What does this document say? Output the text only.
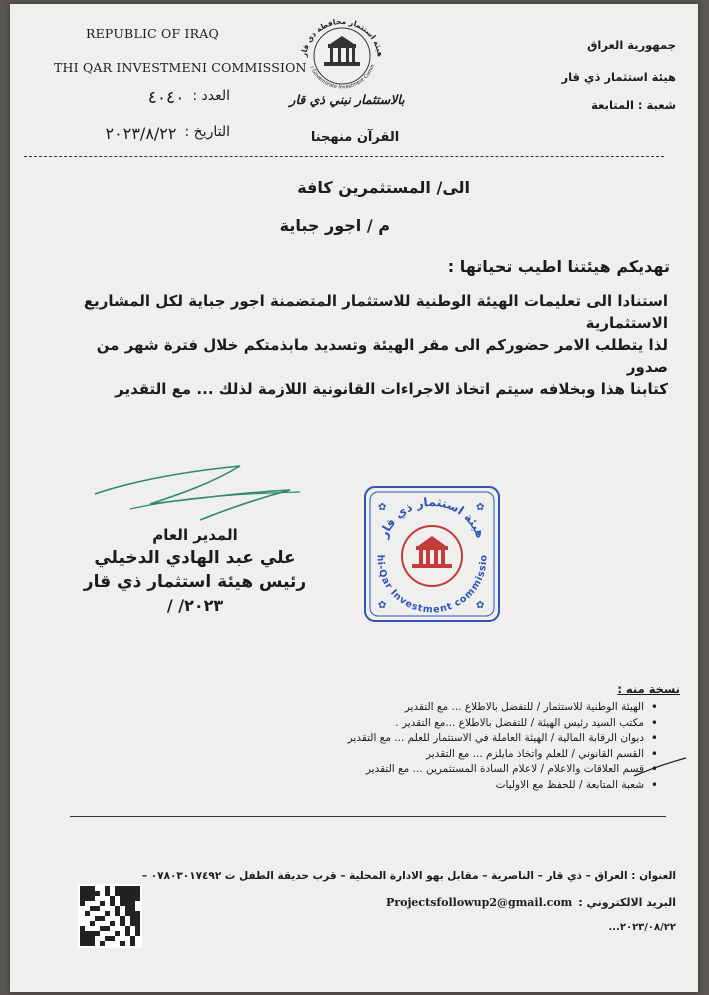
REPUBLIC OF IRAQ
THI QAR INVESTMENI COMMISSION
العدد :
٤٠٤٠
التاريخ :
٢٠٢٣/٨/٢٢
هيئة استثمار محافظة ذي قار
r Governorate Investment Comm
بالاستثمار نبني ذي قار
القرآن منهجنا
جمهورية العراق
هيئة استثمار ذي قار
شعبة : المتابعة
الى/ المستثمرين كافة
م / اجور جباية
تهديكم هيئتنا اطيب تحياتها :
استنادا الى تعليمات الهيئة الوطنية للاستثمار المتضمنة اجور جباية لكل المشاريع الاستثمارية
لذا يتطلب الامر حضوركم الى مقر الهيئة وتسديد مابذمتكم خلال فترة شهر من صدور
كتابنا هذا وبخلافه سيتم اتخاذ الاجراءات القانونية اللازمة لذلك ... مع التقدير
المدير العام
علي عبد الهادي الدخيلي
رئيس هيئة استثمار ذي قار
٢٠٢٣/ /
هيئة استثمار ذي قار
hi-Qar Investment commissio
✿	✿
✿	✿
نسخة منه :
• الهيئة الوطنية للاستثمار / للتفضل بالاطلاع ... مع التقدير
• مكتب السيد رئيس الهيئة / للتفضل بالاطلاع ...مع التقدير .
• ديوان الرقابة المالية / الهيئة العاملة في الاستثمار للعلم ... مع التقدير
• القسم القانوني / للعلم واتخاذ مايلزم ... مع التقدير
• قسم العلاقات والاعلام / لاعلام السادة المستثمرين ... مع التقدير
• شعبة المتابعة / للحفظ مع الاوليات
العنوان : العراق – ذي قار – الناصرية – مقابل بهو الادارة المحلية – قرب حديقة الطفل ت ٠٧٨٠٣٠١٧٤٩٢ –
البريد الالكتروني :
Projectsfollowup2@gmail.com
٢٠٢٣/٠٨/٢٢...
